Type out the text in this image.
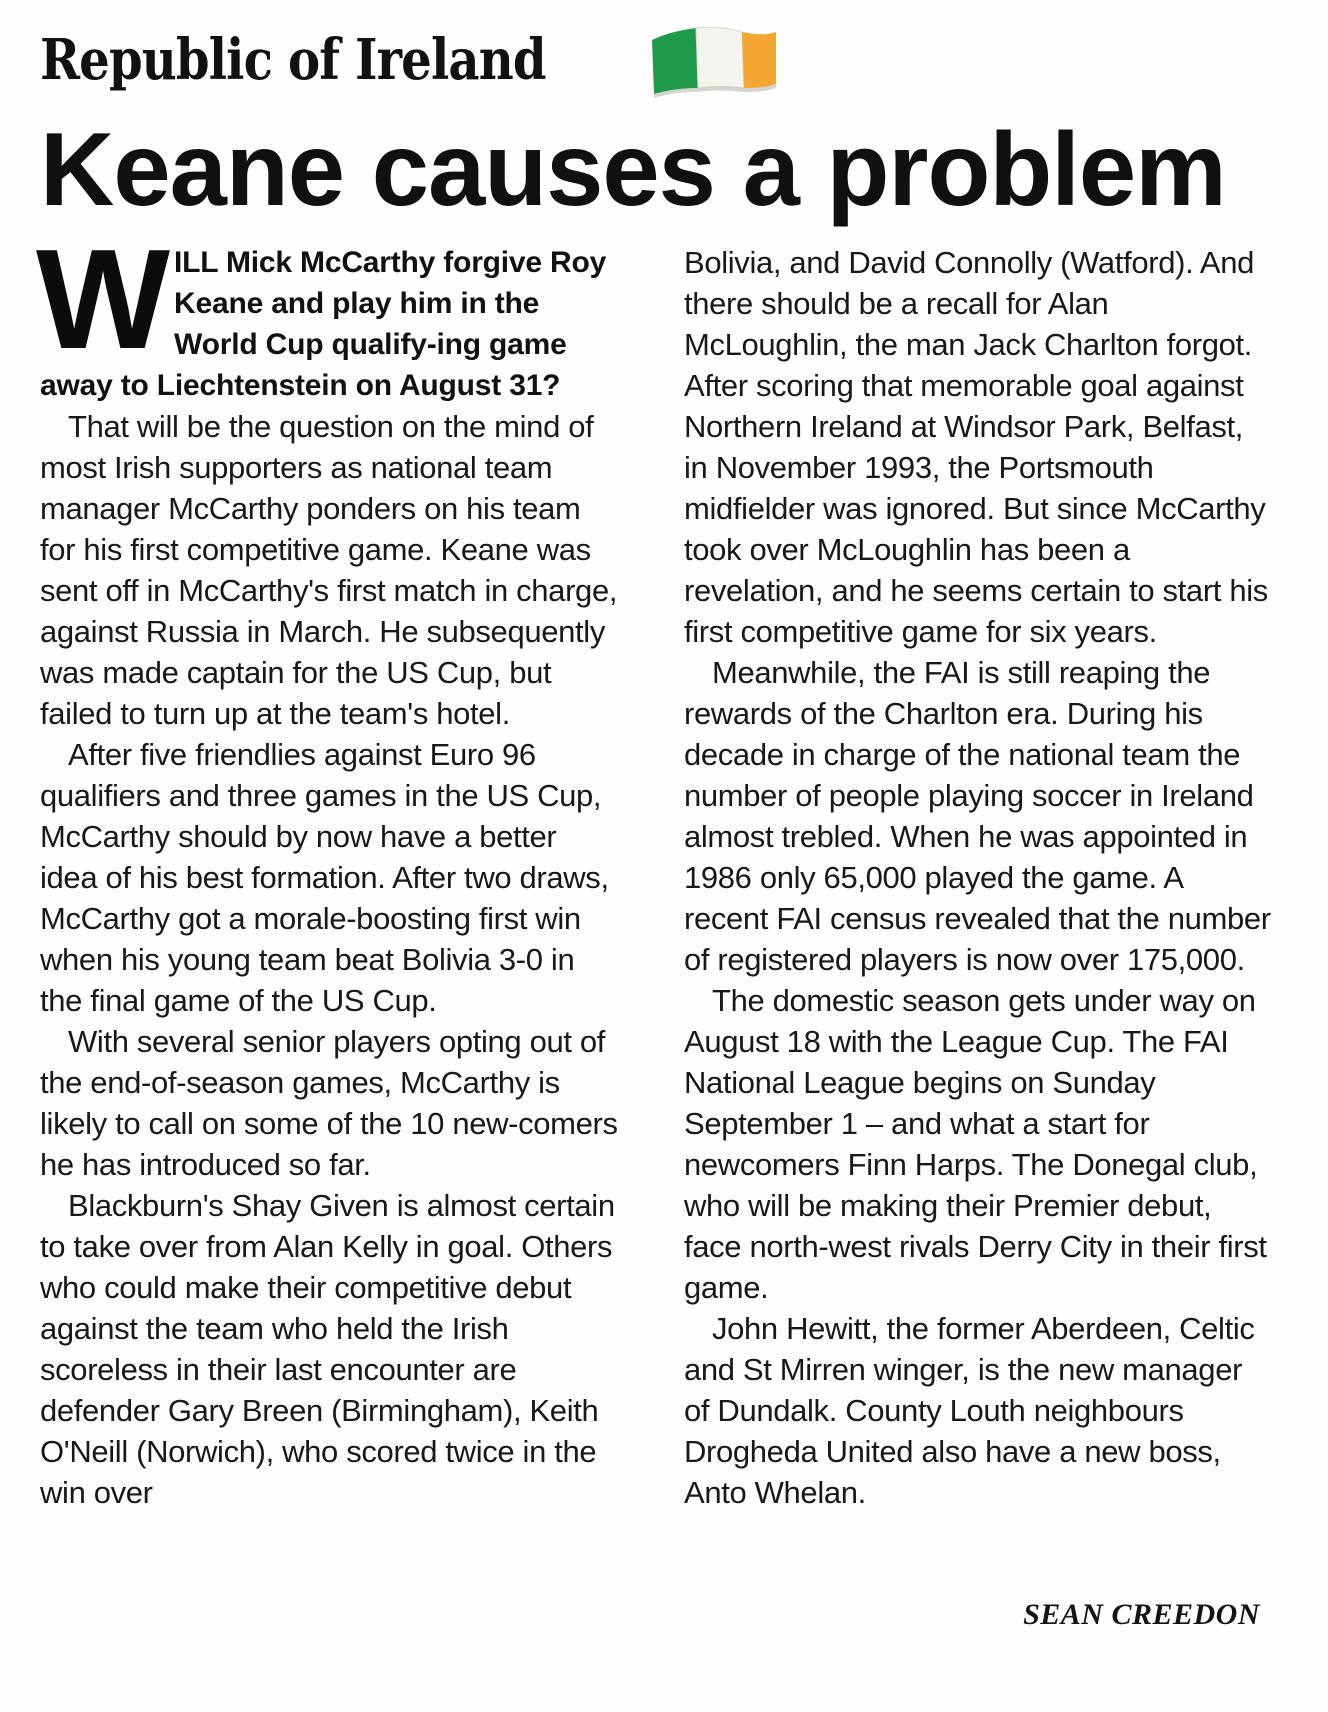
Republic of Ireland
Keane causes a problem

WILL Mick McCarthy forgive Roy Keane and play him in the World Cup qualify-ing game away to Liechtenstein on August 31?

That will be the question on the mind of most Irish supporters as national team manager McCarthy ponders on his team for his first competitive game. Keane was sent off in McCarthy's first match in charge, against Russia in March. He subsequently was made captain for the US Cup, but failed to turn up at the team's hotel.

After five friendlies against Euro 96 qualifiers and three games in the US Cup, McCarthy should by now have a better idea of his best formation. After two draws, McCarthy got a morale-boosting first win when his young team beat Bolivia 3-0 in the final game of the US Cup.

With several senior players opting out of the end-of-season games, McCarthy is likely to call on some of the 10 new-comers he has introduced so far.

Blackburn's Shay Given is almost certain to take over from Alan Kelly in goal. Others who could make their competitive debut against the team who held the Irish scoreless in their last encounter are defender Gary Breen (Birmingham), Keith O'Neill (Norwich), who scored twice in the win over

Bolivia, and David Connolly (Watford). And there should be a recall for Alan McLoughlin, the man Jack Charlton forgot. After scoring that memorable goal against Northern Ireland at Windsor Park, Belfast, in November 1993, the Portsmouth midfielder was ignored. But since McCarthy took over McLoughlin has been a revelation, and he seems certain to start his first competitive game for six years.

Meanwhile, the FAI is still reaping the rewards of the Charlton era. During his decade in charge of the national team the number of people playing soccer in Ireland almost trebled. When he was appointed in 1986 only 65,000 played the game. A recent FAI census revealed that the number of registered players is now over 175,000.

The domestic season gets under way on August 18 with the League Cup. The FAI National League begins on Sunday September 1 – and what a start for newcomers Finn Harps. The Donegal club, who will be making their Premier debut, face north-west rivals Derry City in their first game.

John Hewitt, the former Aberdeen, Celtic and St Mirren winger, is the new manager of Dundalk. County Louth neighbours Drogheda United also have a new boss, Anto Whelan.

SEAN CREEDON
